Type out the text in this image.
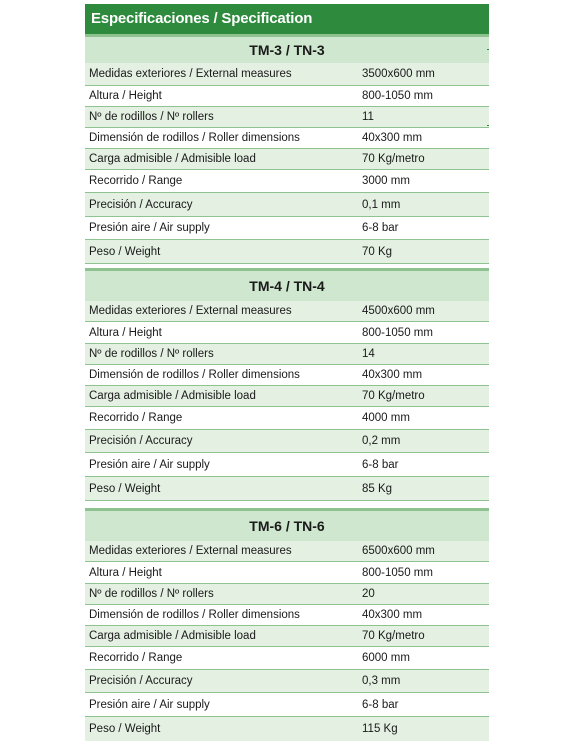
Especificaciones / Specification
TM-3 / TN-3
Medidas exteriores / External measures	3500x600 mm
Altura / Height	800-1050 mm
Nº de rodillos / Nº rollers	11
Dimensión de rodillos / Roller dimensions	40x300 mm
Carga admisible / Admisible load	70 Kg/metro
Recorrido / Range	3000 mm
Precisión / Accuracy	0,1 mm
Presión aire / Air supply	6-8 bar
Peso / Weight	70 Kg
TM-4 / TN-4
Medidas exteriores / External measures	4500x600 mm
Altura / Height	800-1050 mm
Nº de rodillos / Nº rollers	14
Dimensión de rodillos / Roller dimensions	40x300 mm
Carga admisible / Admisible load	70 Kg/metro
Recorrido / Range	4000 mm
Precisión / Accuracy	0,2 mm
Presión aire / Air supply	6-8 bar
Peso / Weight	85 Kg
TM-6 / TN-6
Medidas exteriores / External measures	6500x600 mm
Altura / Height	800-1050 mm
Nº de rodillos / Nº rollers	20
Dimensión de rodillos / Roller dimensions	40x300 mm
Carga admisible / Admisible load	70 Kg/metro
Recorrido / Range	6000 mm
Precisión / Accuracy	0,3 mm
Presión aire / Air supply	6-8 bar
Peso / Weight	115 Kg
